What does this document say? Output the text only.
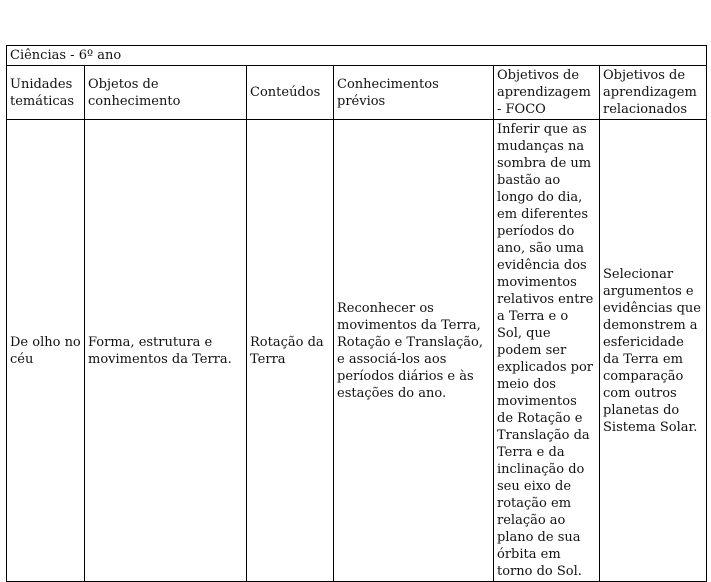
Ciências - 6º ano					
Unidades temáticas	Objetos de conhecimento	Conteúdos	Conhecimentos prévios	Objetivos de aprendizagem - FOCO	Objetivos de aprendizagem relacionados
De olho no céu	Forma, estrutura e movimentos da Terra.	Rotação da Terra	Reconhecer os movimentos da Terra, Rotação e Translação, e associá-los aos períodos diários e às estações do ano.	Inferir que as mudanças na sombra de um bastão ao longo do dia, em diferentes períodos do ano, são uma evidência dos movimentos relativos entre a Terra e o Sol, que podem ser explicados por meio dos movimentos de Rotação e Translação da Terra e da inclinação do seu eixo de rotação em relação ao plano de sua órbita em torno do Sol.	Selecionar argumentos e evidências que demonstrem a esfericidade da Terra em comparação com outros planetas do Sistema Solar.
